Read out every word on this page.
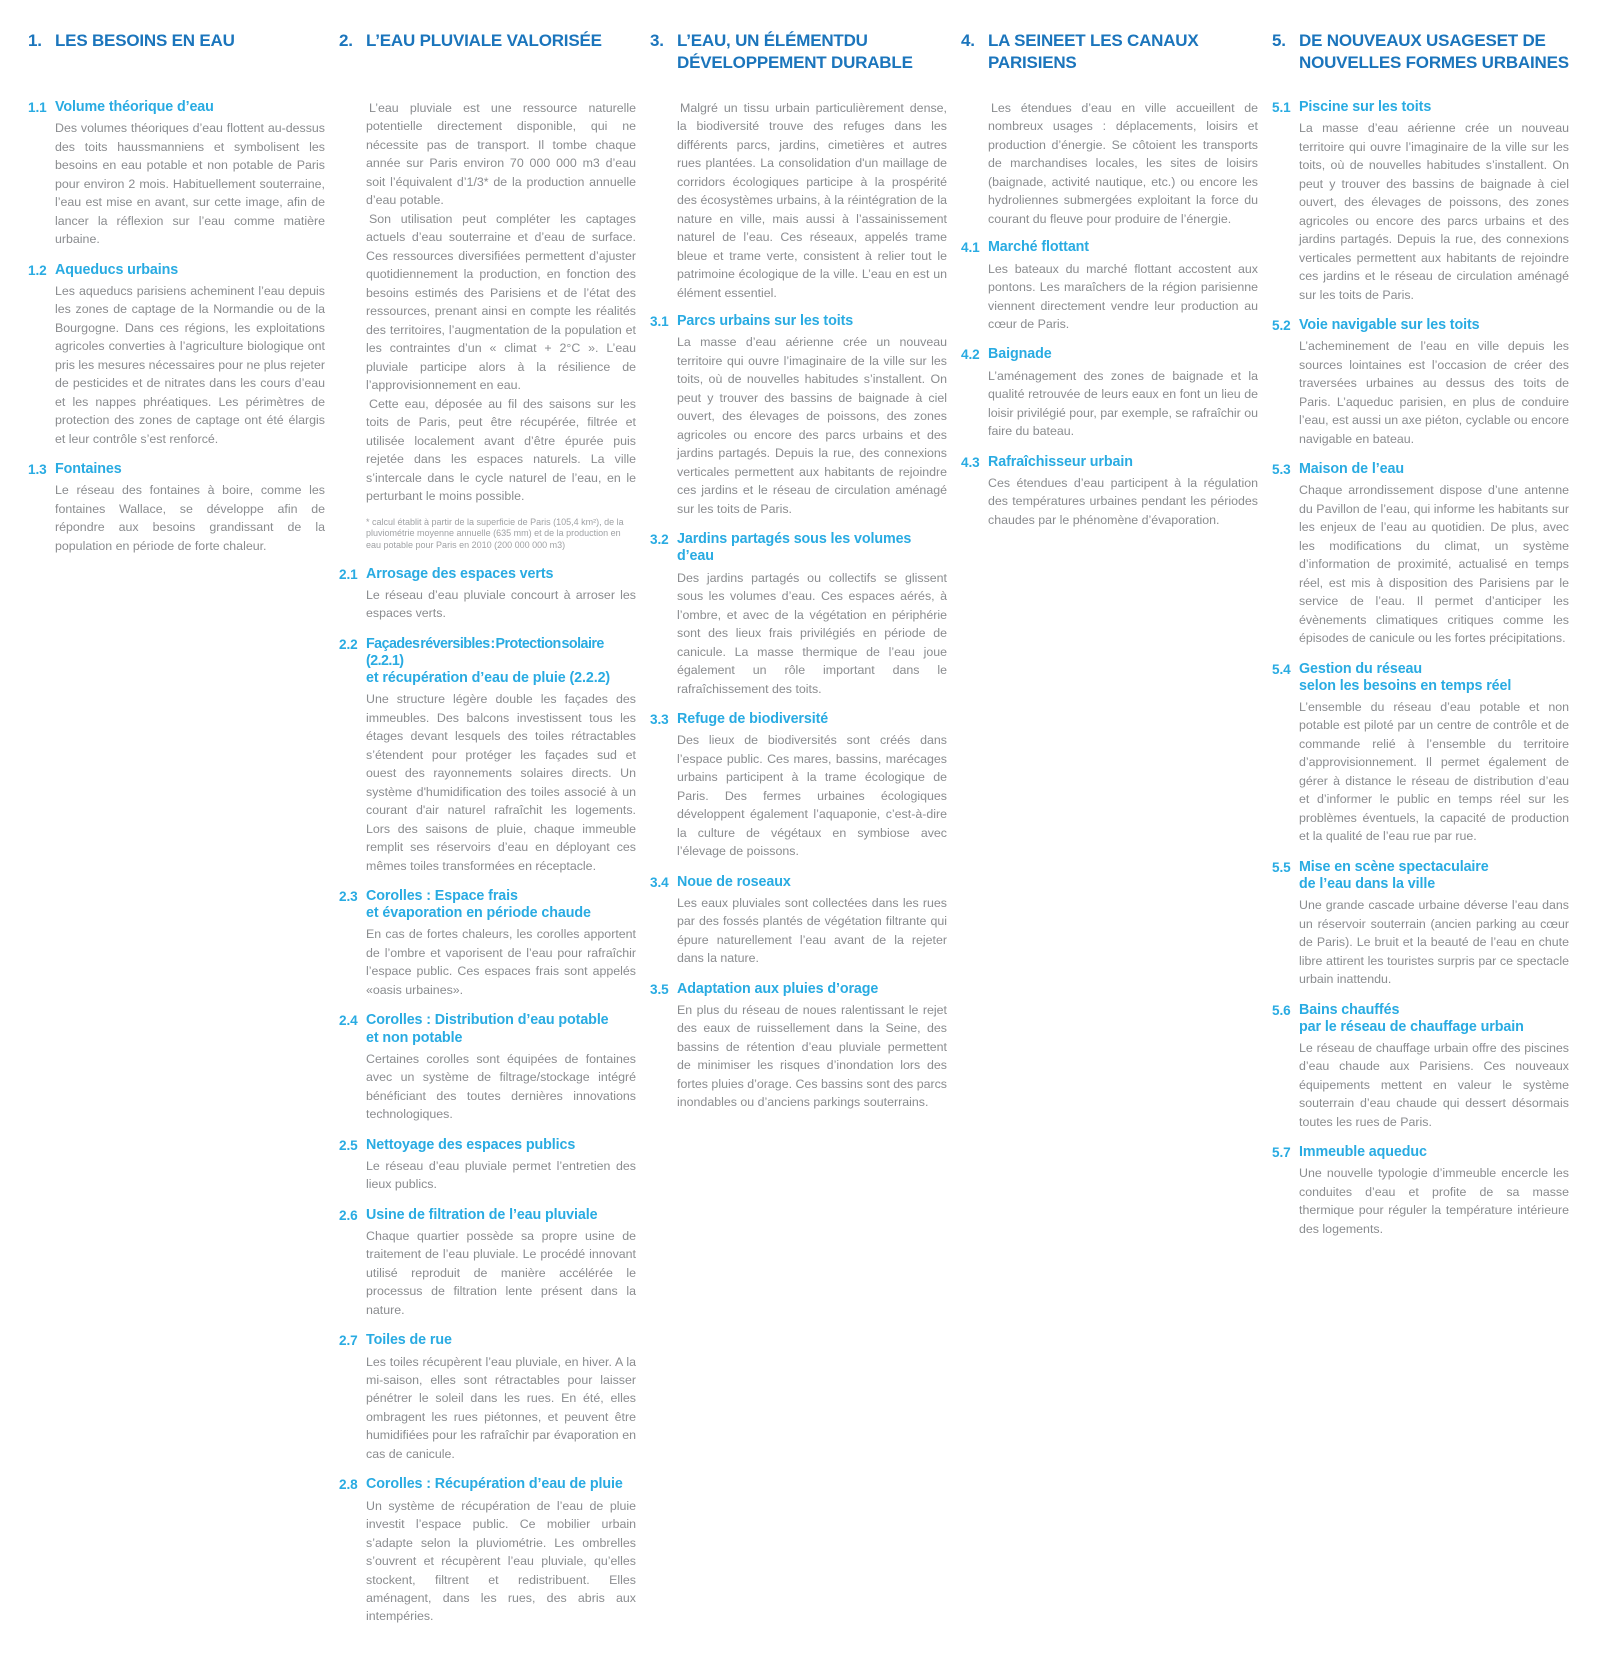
1. LES BESOINS EN EAU
1.1 Volume théorique d’eau

Des volumes théoriques d’eau flottent au-dessus des toits haussmanniens et symbolisent les besoins en eau potable et non potable de Paris pour environ 2 mois. Habituellement souterraine, l’eau est mise en avant, sur cette image, afin de lancer la réflexion sur l’eau comme matière urbaine.

1.2 Aqueducs urbains

Les aqueducs parisiens acheminent l’eau depuis les zones de captage de la Normandie ou de la Bourgogne. Dans ces régions, les exploitations agricoles converties à l’agriculture biologique ont pris les mesures nécessaires pour ne plus rejeter de pesticides et de nitrates dans les cours d’eau et les nappes phréatiques. Les périmètres de protection des zones de captage ont été élargis et leur contrôle s’est renforcé.

1.3 Fontaines

Le réseau des fontaines à boire, comme les fontaines Wallace, se développe afin de répondre aux besoins grandissant de la population en période de forte chaleur.

2. L’EAU PLUVIALE VALORISÉE

L’eau pluviale est une ressource naturelle potentielle directement disponible, qui ne nécessite pas de transport. Il tombe chaque année sur Paris environ 70 000 000 m3 d’eau soit l’équivalent d’1/3* de la production annuelle d’eau potable.

Son utilisation peut compléter les captages actuels d’eau souterraine et d’eau de surface. Ces ressources diversifiées permettent d’ajuster quotidiennement la production, en fonction des besoins estimés des Parisiens et de l’état des ressources, prenant ainsi en compte les réalités des territoires, l’augmentation de la population et les contraintes d’un « climat + 2°C ». L’eau pluviale participe alors à la résilience de l’approvisionnement en eau.

Cette eau, déposée au fil des saisons sur les toits de Paris, peut être récupérée, filtrée et utilisée localement avant d’être épurée puis rejetée dans les espaces naturels. La ville s’intercale dans le cycle naturel de l’eau, en le perturbant le moins possible.

* calcul établit à partir de la superficie de Paris (105,4 km²), de la pluviométrie moyenne annuelle (635 mm) et de la production en eau potable pour Paris en 2010 (200 000 000 m3)
2.1 Arrosage des espaces verts

Le réseau d’eau pluviale concourt à arroser les espaces verts.

2.2 Façades réversibles : Protection solaire (2.2.1)
et récupération d’eau de pluie (2.2.2)

Une structure légère double les façades des immeubles. Des balcons investissent tous les étages devant lesquels des toiles rétractables s’étendent pour protéger les façades sud et ouest des rayonnements solaires directs. Un système d'humidification des toiles associé à un courant d'air naturel rafraîchit les logements. Lors des saisons de pluie, chaque immeuble remplit ses réservoirs d’eau en déployant ces mêmes toiles transformées en réceptacle.

2.3 Corolles : Espace frais
et évaporation en période chaude

En cas de fortes chaleurs, les corolles apportent de l’ombre et vaporisent de l’eau pour rafraîchir l’espace public. Ces espaces frais sont appelés «oasis urbaines».

2.4 Corolles : Distribution d’eau potable
et non potable

Certaines corolles sont équipées de fontaines avec un système de filtrage/stockage intégré bénéficiant des toutes dernières innovations technologiques.

2.5 Nettoyage des espaces publics

Le réseau d’eau pluviale permet l’entretien des lieux publics.

2.6 Usine de filtration de l’eau pluviale

Chaque quartier possède sa propre usine de traitement de l’eau pluviale. Le procédé innovant utilisé reproduit de manière accélérée le processus de filtration lente présent dans la nature.

2.7 Toiles de rue

Les toiles récupèrent l’eau pluviale, en hiver. A la mi-saison, elles sont rétractables pour laisser pénétrer le soleil dans les rues. En été, elles ombragent les rues piétonnes, et peuvent être humidifiées pour les rafraîchir par évaporation en cas de canicule.

2.8 Corolles : Récupération d’eau de pluie

Un système de récupération de l’eau de pluie investit l’espace public. Ce mobilier urbain s’adapte selon la pluviométrie. Les ombrelles s’ouvrent et récupèrent l’eau pluviale, qu’elles stockent, filtrent et redistribuent. Elles aménagent, dans les rues, des abris aux intempéries.

3. L’EAU, UN ÉLÉMENTDU DÉVELOPPEMENT DURABLE

Malgré un tissu urbain particulièrement dense, la biodiversité trouve des refuges dans les différents parcs, jardins, cimetières et autres rues plantées. La consolidation d'un maillage de corridors écologiques participe à la prospérité des écosystèmes urbains, à la réintégration de la nature en ville, mais aussi à l’assainissement naturel de l’eau. Ces réseaux, appelés trame bleue et trame verte, consistent à relier tout le patrimoine écologique de la ville. L’eau en est un élément essentiel.

3.1 Parcs urbains sur les toits

La masse d’eau aérienne crée un nouveau territoire qui ouvre l’imaginaire de la ville sur les toits, où de nouvelles habitudes s’installent. On peut y trouver des bassins de baignade à ciel ouvert, des élevages de poissons, des zones agricoles ou encore des parcs urbains et des jardins partagés. Depuis la rue, des connexions verticales permettent aux habitants de rejoindre ces jardins et le réseau de circulation aménagé sur les toits de Paris.

3.2 Jardins partagés sous les volumes d’eau

Des jardins partagés ou collectifs se glissent sous les volumes d’eau. Ces espaces aérés, à l’ombre, et avec de la végétation en périphérie sont des lieux frais privilégiés en période de canicule. La masse thermique de l’eau joue également un rôle important dans le rafraîchissement des toits.

3.3 Refuge de biodiversité

Des lieux de biodiversités sont créés dans l’espace public. Ces mares, bassins, marécages urbains participent à la trame écologique de Paris. Des fermes urbaines écologiques développent également l’aquaponie, c’est-à-dire la culture de végétaux en symbiose avec l’élevage de poissons.

3.4 Noue de roseaux

Les eaux pluviales sont collectées dans les rues par des fossés plantés de végétation filtrante qui épure naturellement l’eau avant de la rejeter dans la nature.

3.5 Adaptation aux pluies d’orage

En plus du réseau de noues ralentissant le rejet des eaux de ruissellement dans la Seine, des bassins de rétention d’eau pluviale permettent de minimiser les risques d’inondation lors des fortes pluies d’orage. Ces bassins sont des parcs inondables ou d’anciens parkings souterrains.

4. LA SEINEET LES CANAUX PARISIENS

Les étendues d’eau en ville accueillent de nombreux usages : déplacements, loisirs et production d’énergie. Se côtoient les transports de marchandises locales, les sites de loisirs (baignade, activité nautique, etc.) ou encore les hydroliennes submergées exploitant la force du courant du fleuve pour produire de l’énergie.

4.1 Marché flottant

Les bateaux du marché flottant accostent aux pontons. Les maraîchers de la région parisienne viennent directement vendre leur production au cœur de Paris.

4.2 Baignade

L’aménagement des zones de baignade et la qualité retrouvée de leurs eaux en font un lieu de loisir privilégié pour, par exemple, se rafraîchir ou faire du bateau.

4.3 Rafraîchisseur urbain

Ces étendues d’eau participent à la régulation des températures urbaines pendant les périodes chaudes par le phénomène d’évaporation.

5. DE NOUVEAUX USAGESET DE NOUVELLES FORMES URBAINES
5.1 Piscine sur les toits

La masse d’eau aérienne crée un nouveau territoire qui ouvre l’imaginaire de la ville sur les toits, où de nouvelles habitudes s’installent. On peut y trouver des bassins de baignade à ciel ouvert, des élevages de poissons, des zones agricoles ou encore des parcs urbains et des jardins partagés. Depuis la rue, des connexions verticales permettent aux habitants de rejoindre ces jardins et le réseau de circulation aménagé sur les toits de Paris.

5.2 Voie navigable sur les toits

L’acheminement de l’eau en ville depuis les sources lointaines est l’occasion de créer des traversées urbaines au dessus des toits de Paris. L’aqueduc parisien, en plus de conduire l’eau, est aussi un axe piéton, cyclable ou encore navigable en bateau.

5.3 Maison de l’eau

Chaque arrondissement dispose d’une antenne du Pavillon de l’eau, qui informe les habitants sur les enjeux de l’eau au quotidien. De plus, avec les modifications du climat, un système d’information de proximité, actualisé en temps réel, est mis à disposition des Parisiens par le service de l’eau. Il permet d’anticiper les évènements climatiques critiques comme les épisodes de canicule ou les fortes précipitations.

5.4 Gestion du réseau
selon les besoins en temps réel

L’ensemble du réseau d’eau potable et non potable est piloté par un centre de contrôle et de commande relié à l’ensemble du territoire d’approvisionnement. Il permet également de gérer à distance le réseau de distribution d’eau et d’informer le public en temps réel sur les problèmes éventuels, la capacité de production et la qualité de l’eau rue par rue.

5.5 Mise en scène spectaculaire
de l’eau dans la ville

Une grande cascade urbaine déverse l’eau dans un réservoir souterrain (ancien parking au cœur de Paris). Le bruit et la beauté de l’eau en chute libre attirent les touristes surpris par ce spectacle urbain inattendu.

5.6 Bains chauffés
par le réseau de chauffage urbain

Le réseau de chauffage urbain offre des piscines d’eau chaude aux Parisiens. Ces nouveaux équipements mettent en valeur le système souterrain d’eau chaude qui dessert désormais toutes les rues de Paris.

5.7 Immeuble aqueduc

Une nouvelle typologie d’immeuble encercle les conduites d’eau et profite de sa masse thermique pour réguler la température intérieure des logements.
